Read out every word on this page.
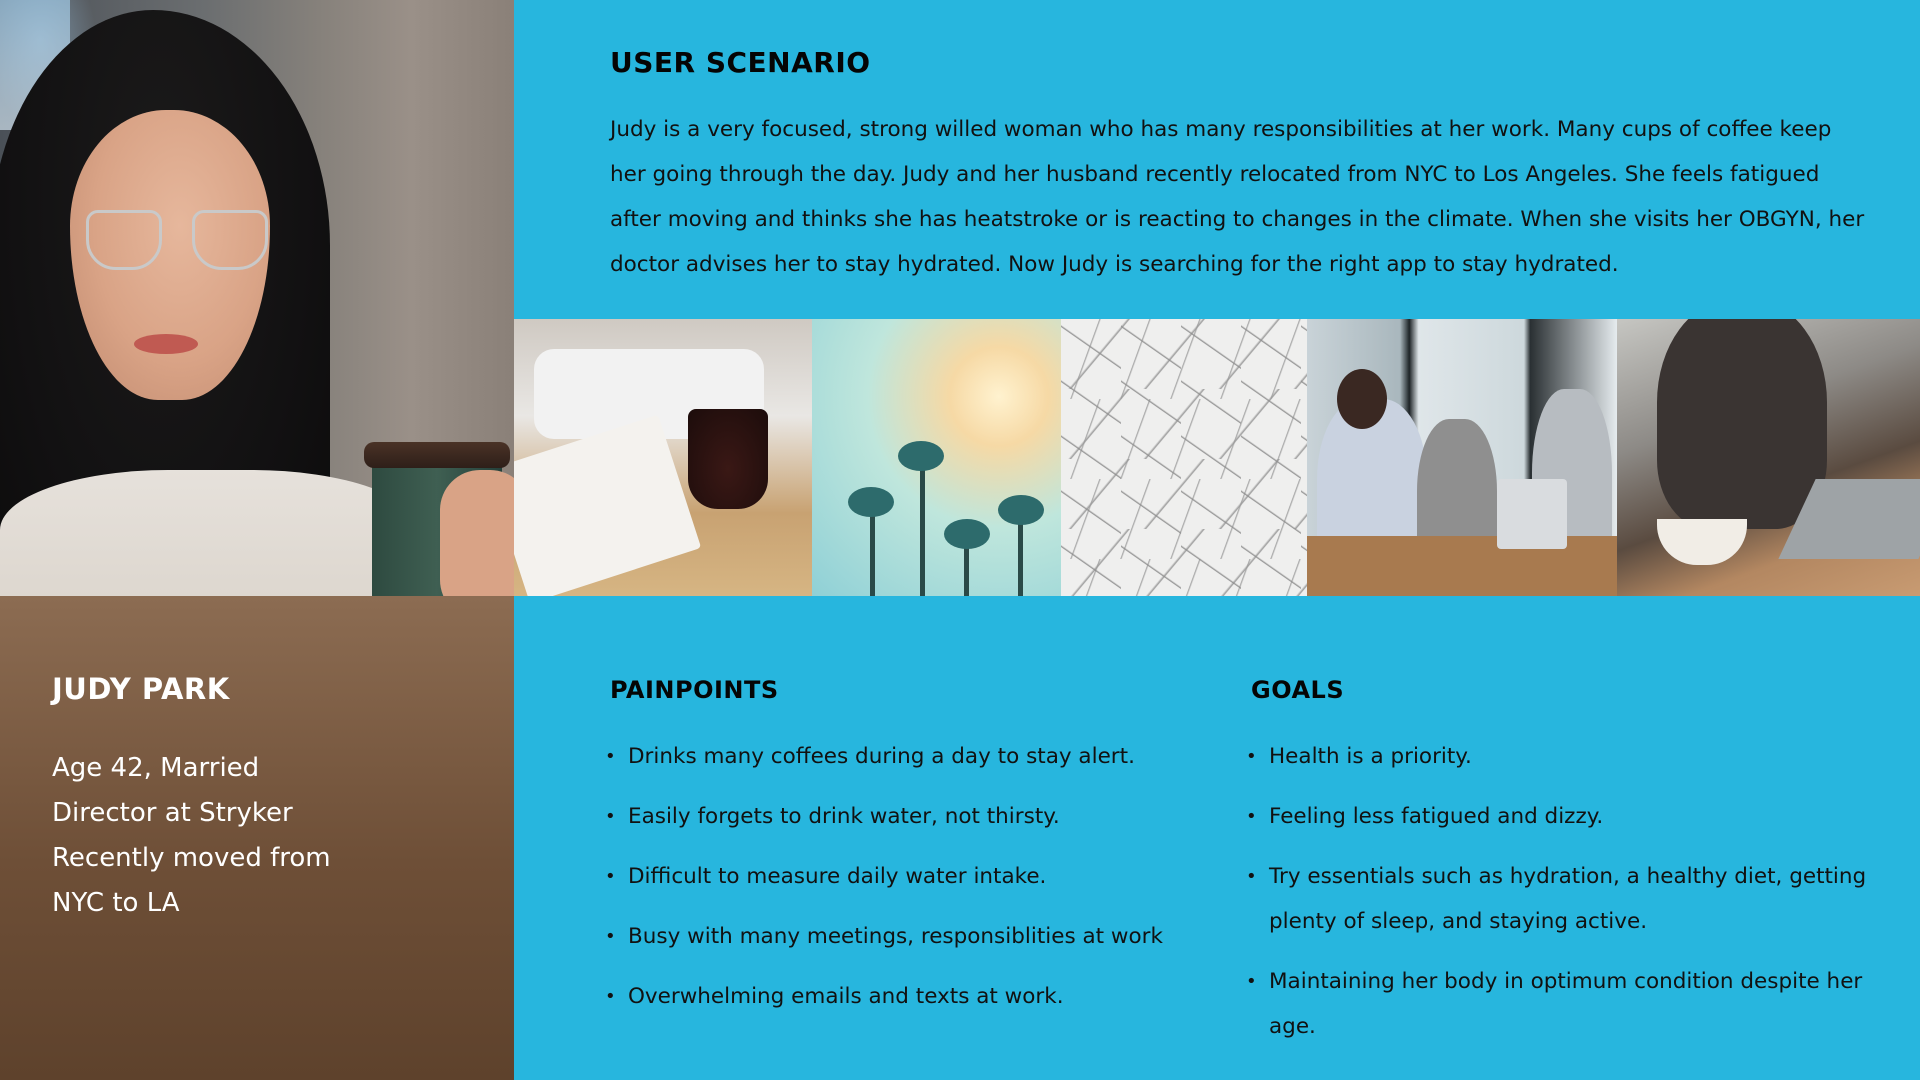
JUDY PARK
Age 42, Married
Director at Stryker
Recently moved from
NYC to LA
USER SCENARIO

Judy is a very focused, strong willed woman who has many responsibilities at her work. Many cups of coffee keep her going through the day. Judy and her husband recently relocated from NYC to Los Angeles. She feels fatigued after moving and thinks she has heatstroke or is reacting to changes in the climate. When she visits her OBGYN, her doctor advises her to stay hydrated. Now Judy is searching for the right app to stay hydrated.

PAINPOINTS
• Drinks many coffees during a day to stay alert.
• Easily forgets to drink water, not thirsty.
• Difficult to measure daily water intake.
• Busy with many meetings, responsiblities at work
• Overwhelming emails and texts at work.
GOALS
• Health is a priority.
• Feeling less fatigued and dizzy.
• Try essentials such as hydration, a healthy diet, getting plenty of sleep, and staying active.
• Maintaining her body in optimum condition despite her age.
